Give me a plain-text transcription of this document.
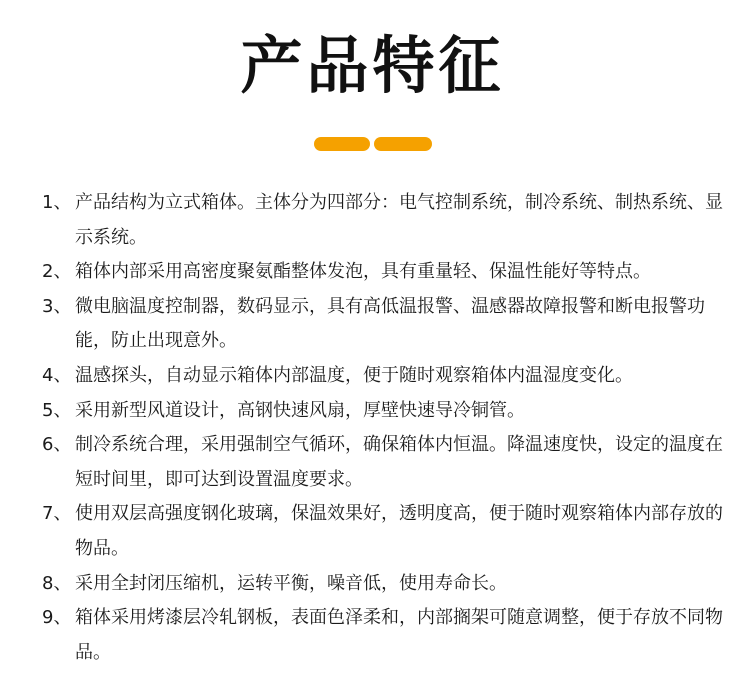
产品特征
1、 产品结构为立式箱体。主体分为四部分：电气控制系统，制冷系统、制热系统、显示系统。
2、 箱体内部采用高密度聚氨酯整体发泡，具有重量轻、保温性能好等特点。
3、 微电脑温度控制器，数码显示，具有高低温报警、温感器故障报警和断电报警功能，防止出现意外。
4、 温感探头，自动显示箱体内部温度，便于随时观察箱体内温湿度变化。
5、 采用新型风道设计，高钢快速风扇，厚壁快速导冷铜管。
6、 制冷系统合理，采用强制空气循环，确保箱体内恒温。降温速度快，设定的温度在短时间里，即可达到设置温度要求。
7、 使用双层高强度钢化玻璃，保温效果好，透明度高，便于随时观察箱体内部存放的物品。
8、 采用全封闭压缩机，运转平衡，噪音低，使用寿命长。
9、 箱体采用烤漆层冷轧钢板，表面色泽柔和，内部搁架可随意调整，便于存放不同物品。
